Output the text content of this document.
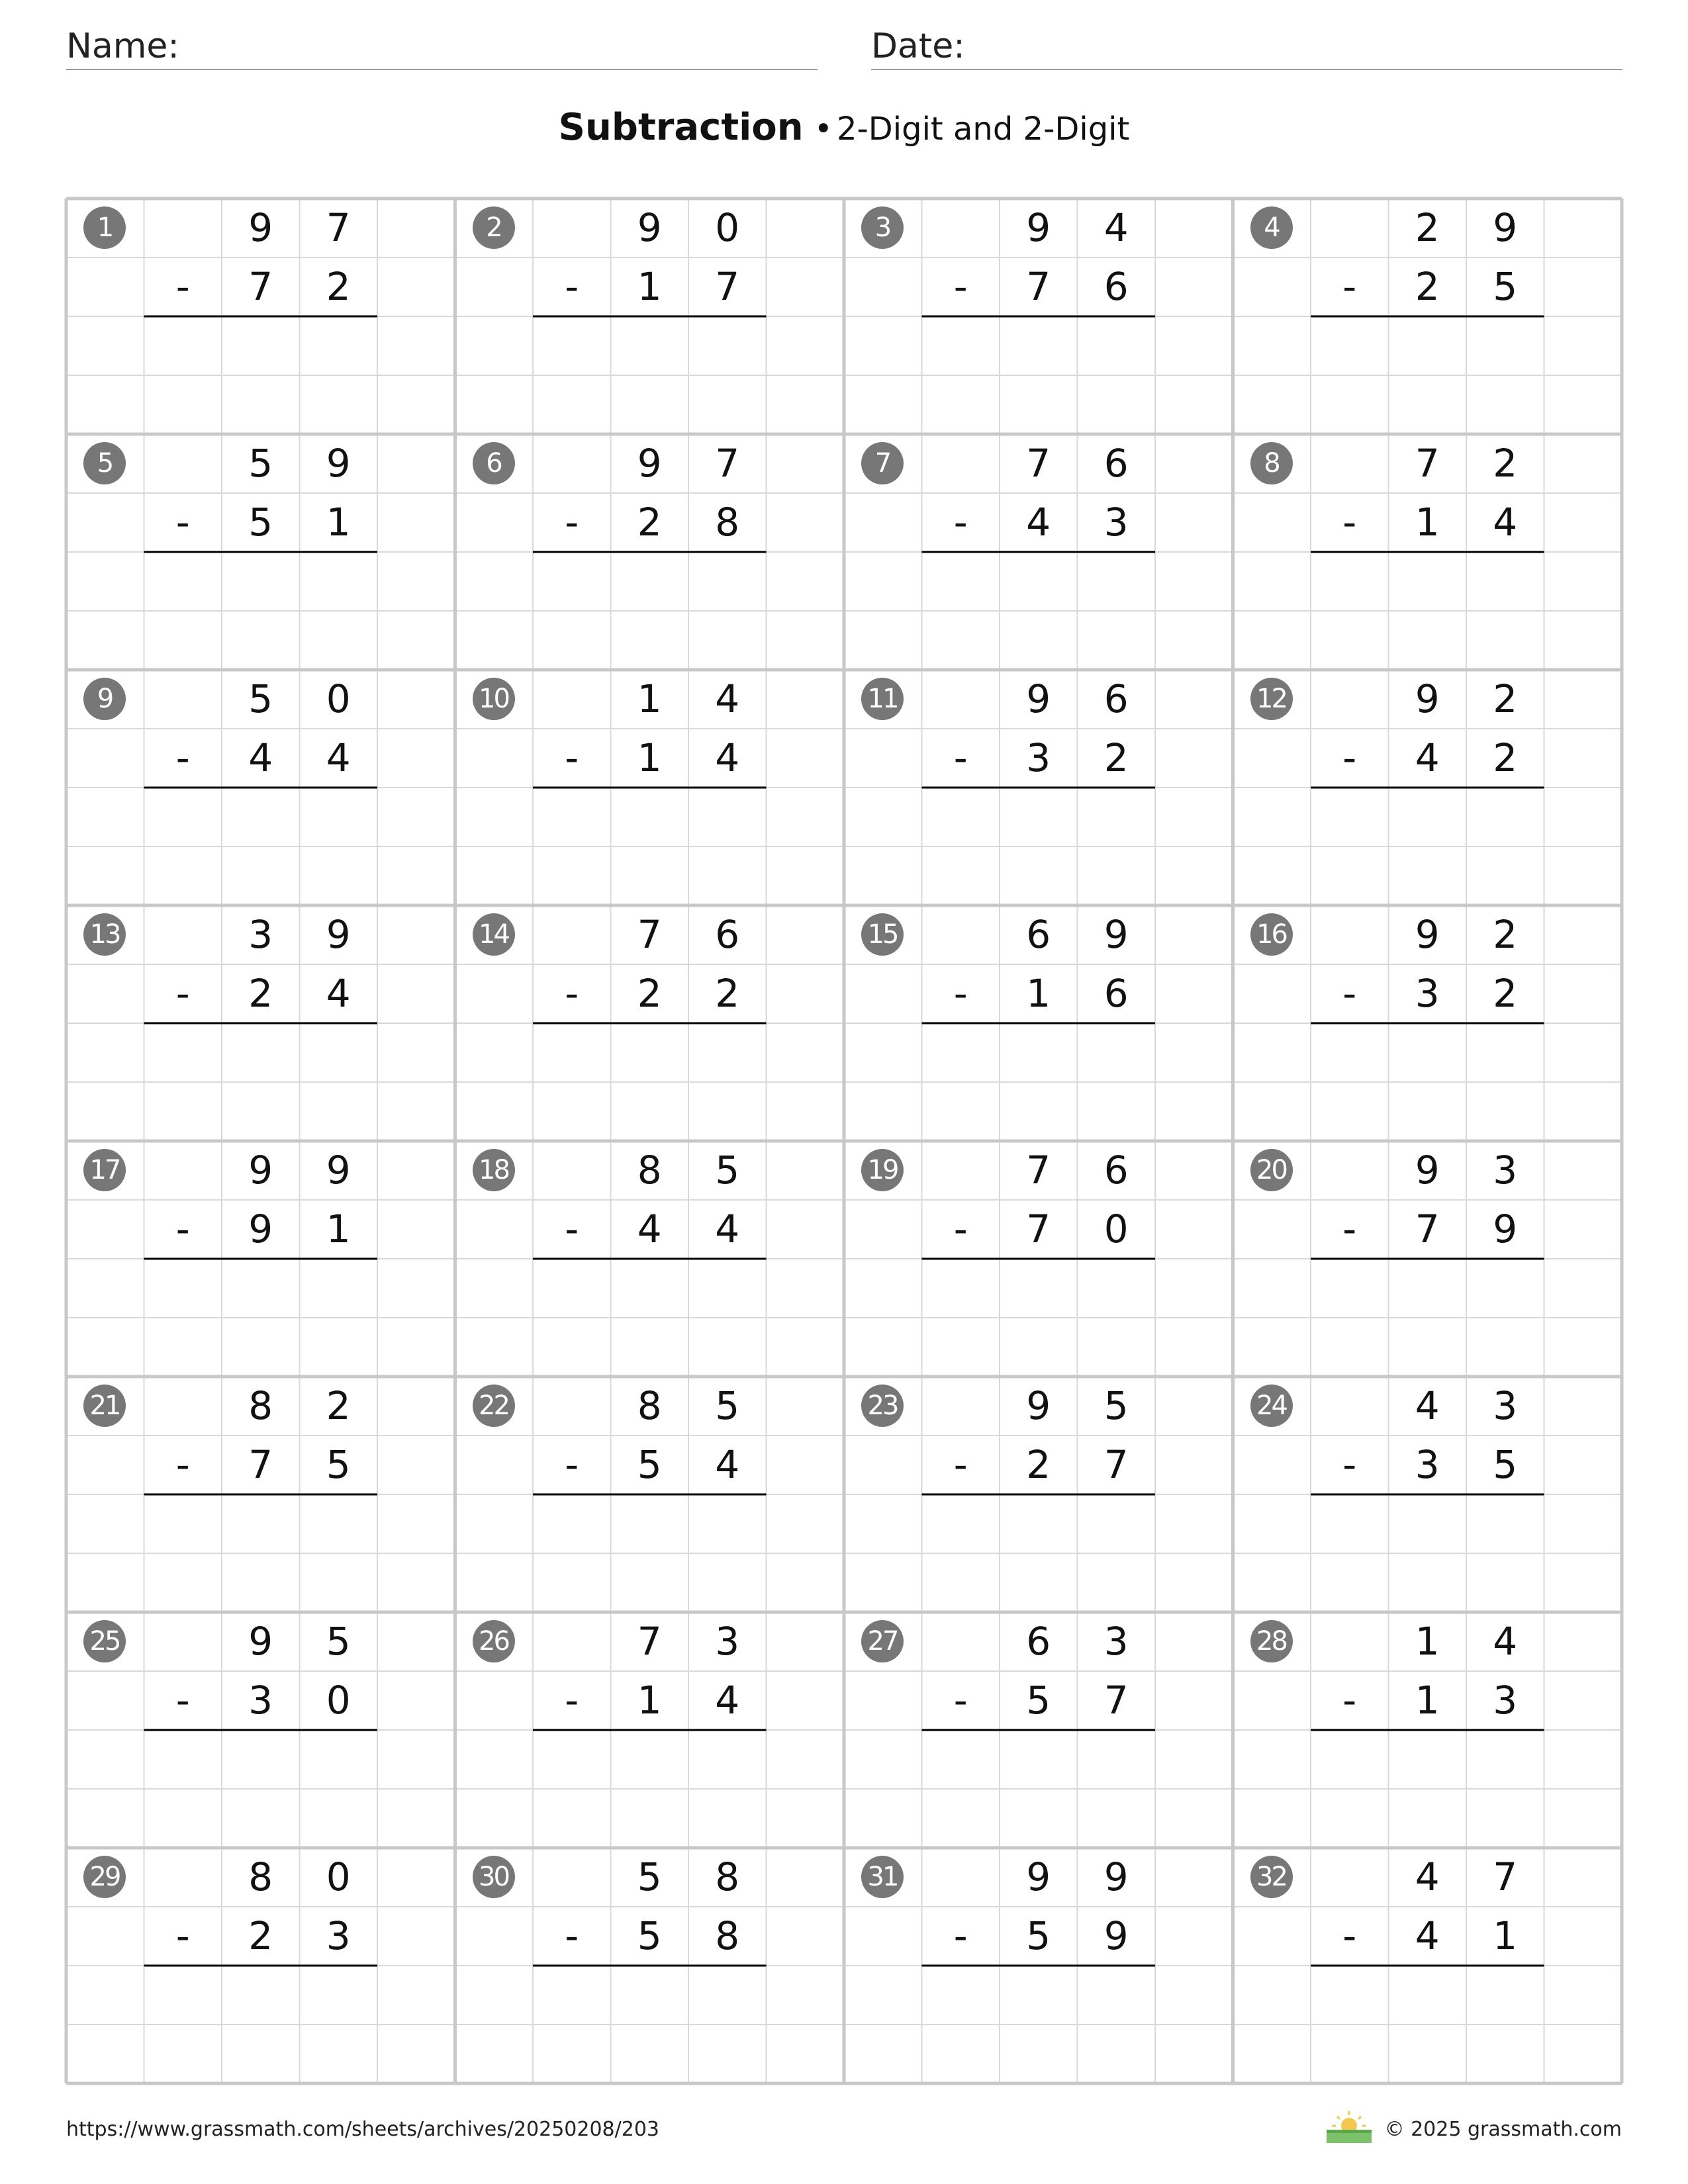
Name:	Date:
Subtraction • 2-Digit and 2-Digit
1	9	7
-	7	2
2	9	0
-	1	7
3	9	4
-	7	6
4	2	9
-	2	5
5	5	9
-	5	1
6	9	7
-	2	8
7	7	6
-	4	3
8	7	2
-	1	4
9	5	0
-	4	4
10	1	4
-	1	4
11	9	6
-	3	2
12	9	2
-	4	2
13	3	9
-	2	4
14	7	6
-	2	2
15	6	9
-	1	6
16	9	2
-	3	2
17	9	9
-	9	1
18	8	5
-	4	4
19	7	6
-	7	0
20	9	3
-	7	9
21	8	2
-	7	5
22	8	5
-	5	4
23	9	5
-	2	7
24	4	3
-	3	5
25	9	5
-	3	0
26	7	3
-	1	4
27	6	3
-	5	7
28	1	4
-	1	3
29	8	0
-	2	3
30	5	8
-	5	8
31	9	9
-	5	9
32	4	7
-	4	1
https://www.grassmath.com/sheets/archives/20250208/203	© 2025 grassmath.com
